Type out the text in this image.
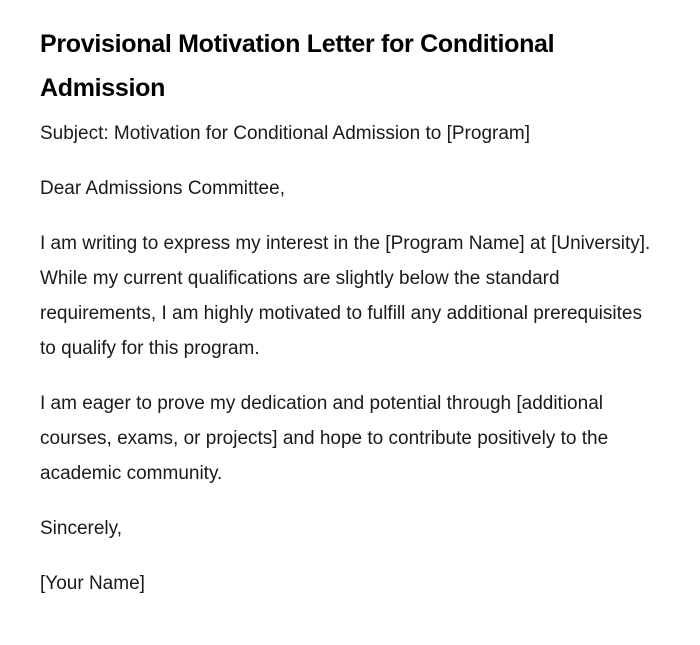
Provisional Motivation Letter for Conditional Admission

Subject: Motivation for Conditional Admission to [Program]

Dear Admissions Committee,

I am writing to express my interest in the [Program Name] at [University]. While my current qualifications are slightly below the standard requirements, I am highly motivated to fulfill any additional prerequisites to qualify for this program.

I am eager to prove my dedication and potential through [additional courses, exams, or projects] and hope to contribute positively to the academic community.

Sincerely,

[Your Name]
